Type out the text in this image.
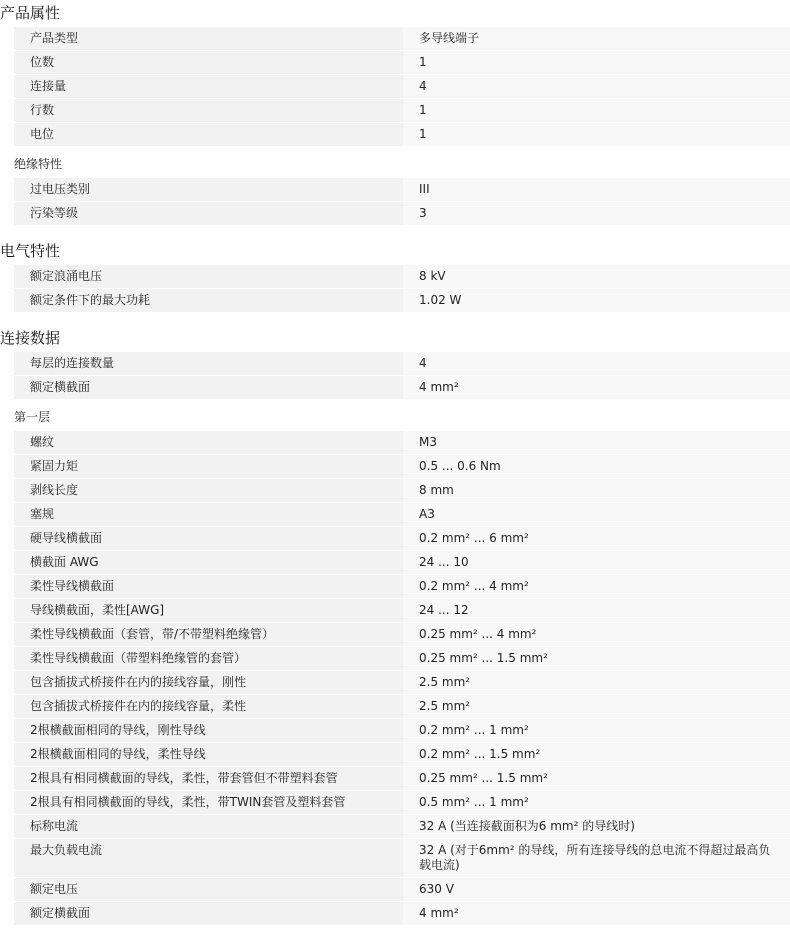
产品属性
产品类型	多导线端子
位数	1
连接量	4
行数	1
电位	1
绝缘特性
过电压类别	III
污染等级	3
电气特性
额定浪涌电压	8 kV
额定条件下的最大功耗	1.02 W
连接数据
每层的连接数量	4
额定横截面	4 mm²
第一层
螺纹	M3
紧固力矩	0.5 ... 0.6 Nm
剥线长度	8 mm
塞规	A3
硬导线横截面	0.2 mm² ... 6 mm²
横截面 AWG	24 ... 10
柔性导线横截面	0.2 mm² ... 4 mm²
导线横截面，柔性[AWG]	24 ... 12
柔性导线横截面（套管，带/不带塑料绝缘管）	0.25 mm² ... 4 mm²
柔性导线横截面（带塑料绝缘管的套管）	0.25 mm² ... 1.5 mm²
包含插拔式桥接件在内的接线容量，刚性	2.5 mm²
包含插拔式桥接件在内的接线容量，柔性	2.5 mm²
2根横截面相同的导线，刚性导线	0.2 mm² ... 1 mm²
2根横截面相同的导线，柔性导线	0.2 mm² ... 1.5 mm²
2根具有相同横截面的导线，柔性，带套管但不带塑料套管	0.25 mm² ... 1.5 mm²
2根具有相同横截面的导线，柔性，带TWIN套管及塑料套管	0.5 mm² ... 1 mm²
标称电流	32 A (当连接截面积为6 mm² 的导线时)
最大负载电流	32 A (对于6mm² 的导线，所有连接导线的总电流不得超过最高负载电流)
额定电压	630 V
额定横截面	4 mm²
